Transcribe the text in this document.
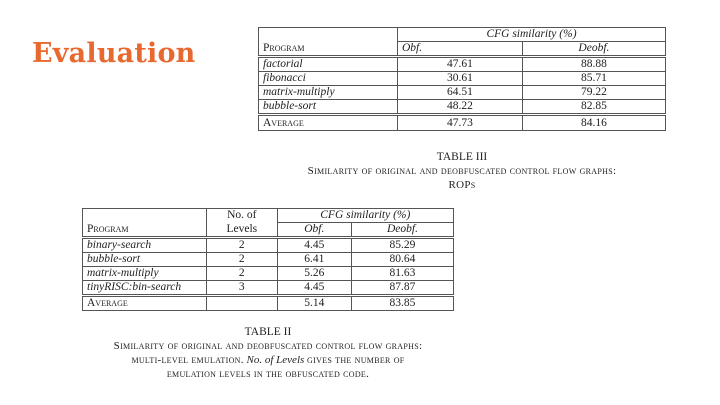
Evaluation
	CFG similarity (%)	
Program	Obf.	Deobf.
factorial	47.61	88.88
fibonacci	30.61	85.71
matrix-multiply	64.51	79.22
bubble-sort	48.22	82.85
Average	47.73	84.16
TABLE III
Similarity of original and deobfuscated control flow graphs:
ROPs
	No. of	CFG similarity (%)	
Program	Levels	Obf.	Deobf.
binary-search	2	4.45	85.29
bubble-sort	2	6.41	80.64
matrix-multiply	2	5.26	81.63
tinyRISC:bin-search	3	4.45	87.87
Average		5.14	83.85
TABLE II
Similarity of original and deobfuscated control flow graphs:
multi-level emulation. No. of Levels gives the number of
emulation levels in the obfuscated code.
